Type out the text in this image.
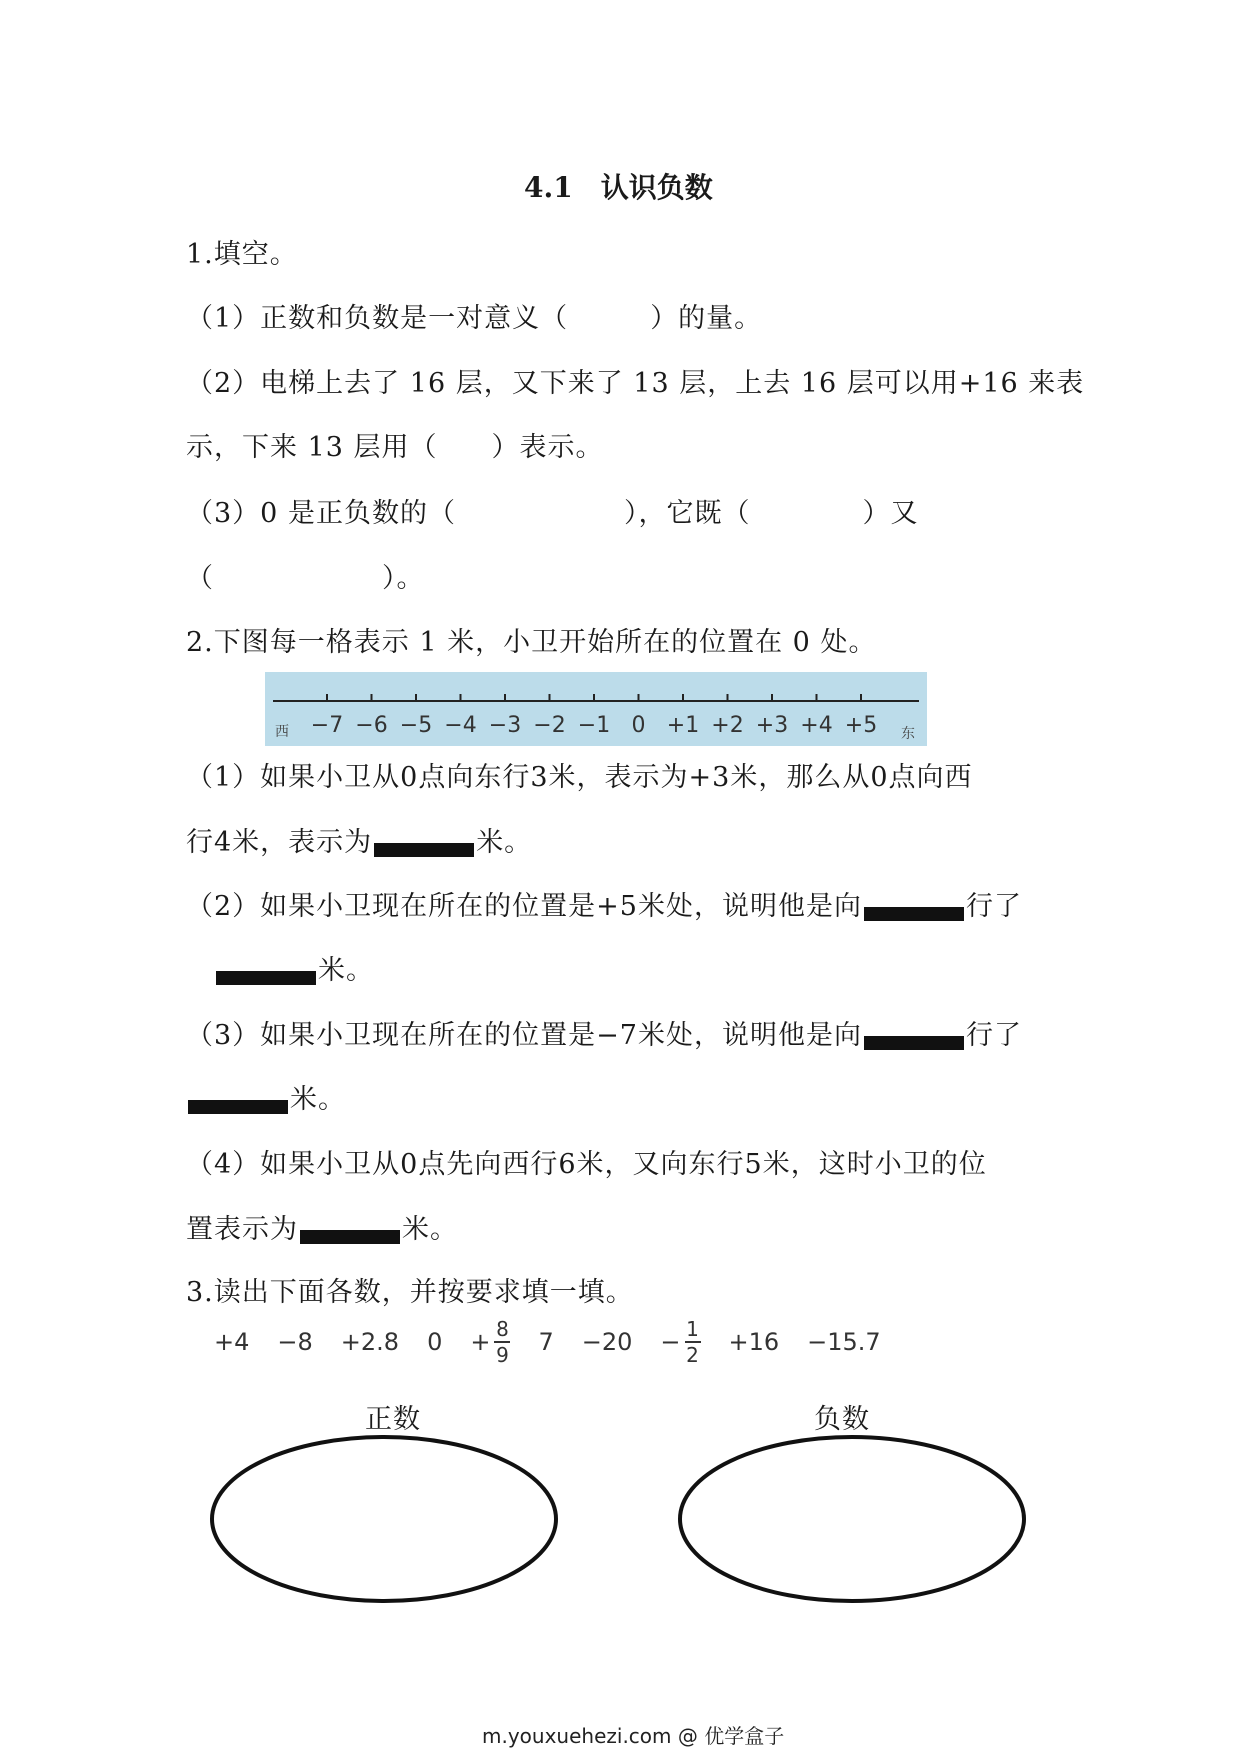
4.1　认识负数
1.填空。
（1）正数和负数是一对意义（	）的量。
（2）电梯上去了 16 层，又下来了 13 层，上去 16 层可以用+16 来表
示，下来 13 层用（ ）表示。
（3）0 是正负数的（	），它既（	）又
（	）。
2.下图每一格表示 1 米，小卫开始所在的位置在 0 处。
西	东
−7 −6 −5 −4 −3 −2 −1 0 +1 +2 +3 +4 +5
（1）如果小卫从0点向东行3米，表示为+3米，那么从0点向西
行4米，表示为	米。
（2）如果小卫现在所在的位置是+5米处，说明他是向	行了
米。
（3）如果小卫现在所在的位置是−7米处，说明他是向	行了
米。
（4）如果小卫从0点先向西行6米，又向东行5米，这时小卫的位
置表示为	米。
3.读出下面各数，并按要求填一填。
+4 −8 +2.8 $0 + \frac{8}{9} 7 -20 - \frac{1}{2} +16 -15.7$
正数	负数
m.youxuehezi.com @ 优学盒子
